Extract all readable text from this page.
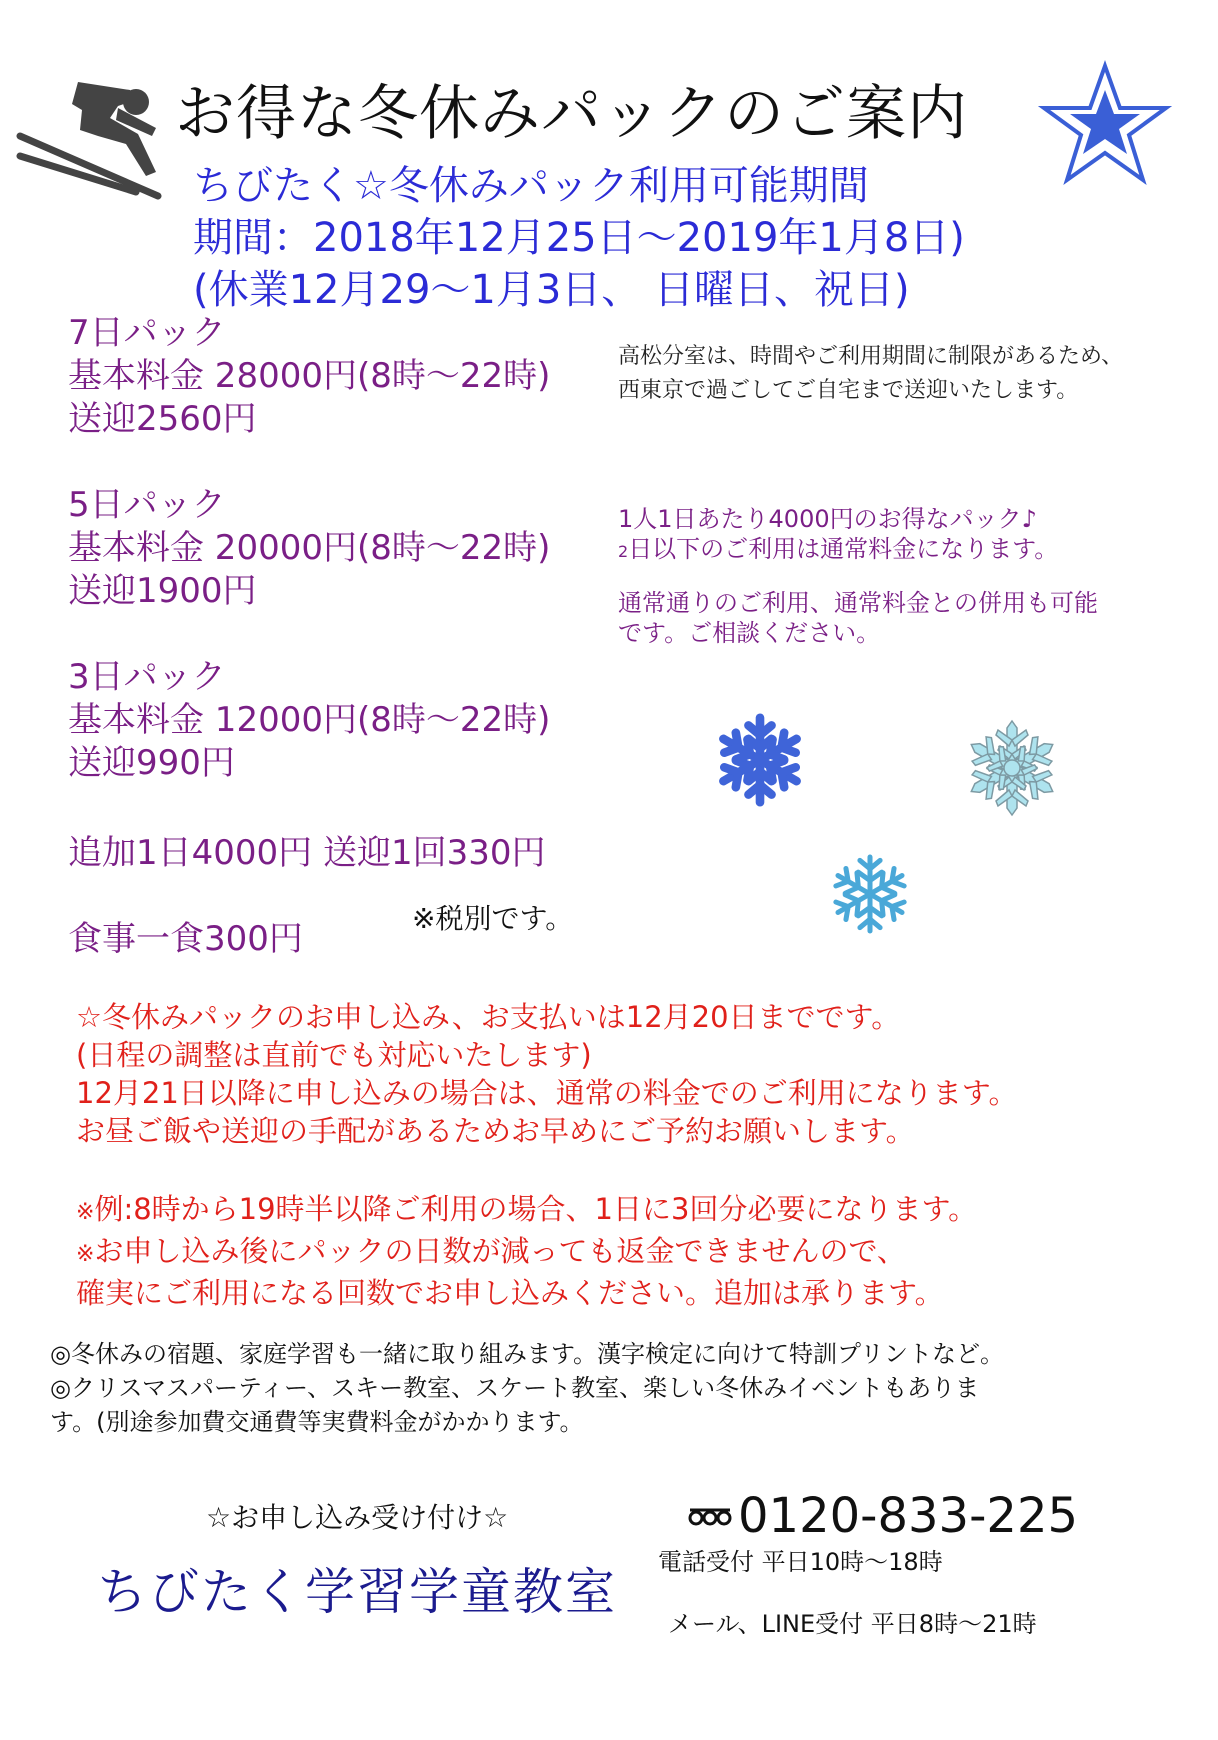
お得な冬休みパックのご案内
ちびたく☆冬休みパック利用可能期間
期間：2018年12月25日～2019年1月8日)
(休業12月29～1月3日、 日曜日、祝日)
7日パック
基本料金 28000円(8時～22時)
送迎2560円
5日パック
基本料金 20000円(8時～22時)
送迎1900円
3日パック
基本料金 12000円(8時～22時)
送迎990円
追加1日4000円 送迎1回330円
食事一食300円
※税別です。
高松分室は、時間やご利用期間に制限があるため、
西東京で過ごしてご自宅まで送迎いたします。
1人1日あたり4000円のお得なパック♪
2日以下のご利用は通常料金になります。
通常通りのご利用、通常料金との併用も可能
です。ご相談ください。
☆冬休みパックのお申し込み、お支払いは12月20日までです。
(日程の調整は直前でも対応いたします)
12月21日以降に申し込みの場合は、通常の料金でのご利用になります。
お昼ご飯や送迎の手配があるためお早めにご予約お願いします。
※例:8時から19時半以降ご利用の場合、1日に3回分必要になります。
※お申し込み後にパックの日数が減っても返金できませんので、
確実にご利用になる回数でお申し込みください。追加は承ります。
◎冬休みの宿題、家庭学習も一緒に取り組みます。漢字検定に向けて特訓プリントなど。
◎クリスマスパーティー、スキー教室、スケート教室、楽しい冬休みイベントもありま
す。(別途参加費交通費等実費料金がかかります。
☆お申し込み受け付け☆
ちびたく学習学童教室
0120-833-225
電話受付 平日10時～18時
メール、LINE受付 平日8時～21時
